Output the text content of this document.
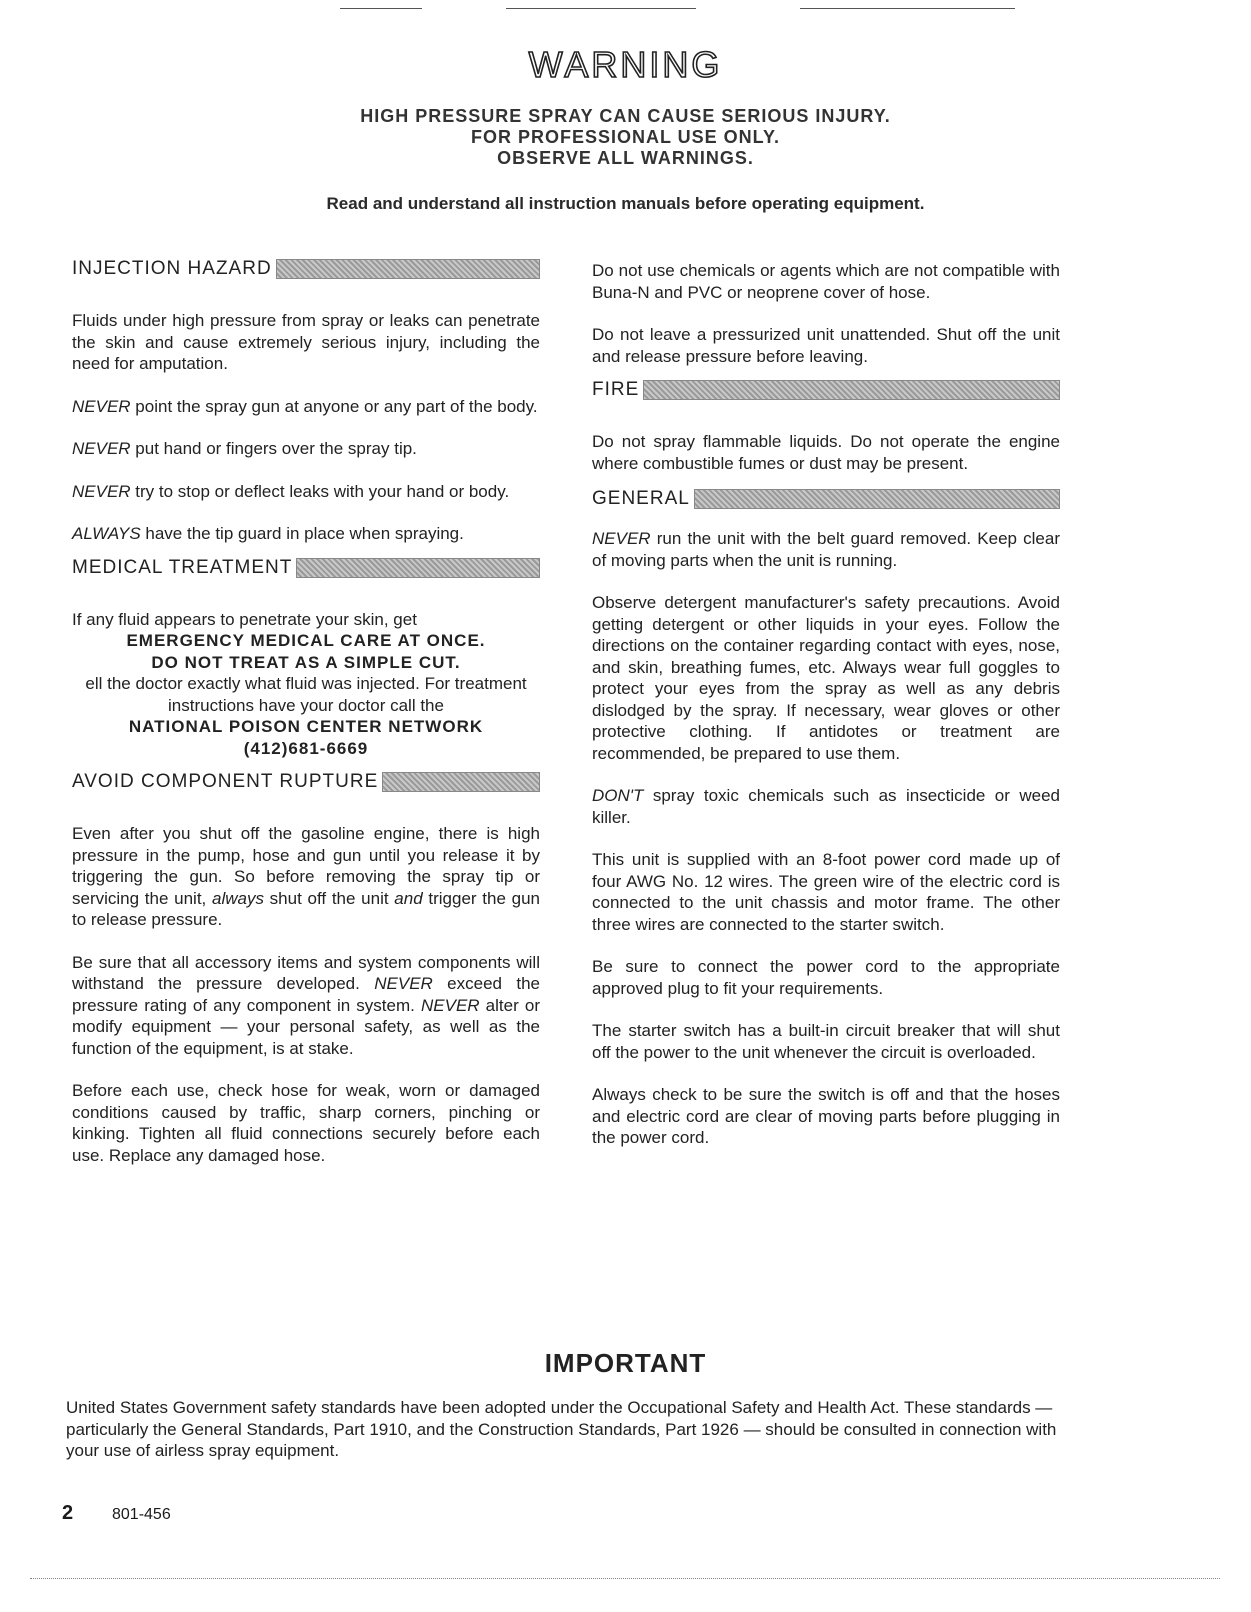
WARNING
HIGH PRESSURE SPRAY CAN CAUSE SERIOUS INJURY.
FOR PROFESSIONAL USE ONLY.
OBSERVE ALL WARNINGS.
Read and understand all instruction manuals before operating equipment.
INJECTION HAZARD

Fluids under high pressure from spray or leaks can penetrate the skin and cause extremely serious injury, including the need for amputation.

NEVER point the spray gun at anyone or any part of the body.

NEVER put hand or fingers over the spray tip.

NEVER try to stop or deflect leaks with your hand or body.

ALWAYS have the tip guard in place when spraying.

MEDICAL TREATMENT

If any fluid appears to penetrate your skin, get

EMERGENCY MEDICAL CARE AT ONCE.
DO NOT TREAT AS A SIMPLE CUT.

ell the doctor exactly what fluid was injected. For treatment instructions have your doctor call the

NATIONAL POISON CENTER NETWORK
(412)681-6669
AVOID COMPONENT RUPTURE

Even after you shut off the gasoline engine, there is high pressure in the pump, hose and gun until you release it by triggering the gun. So before removing the spray tip or servicing the unit, always shut off the unit and trigger the gun to release pressure.

Be sure that all accessory items and system components will withstand the pressure developed. NEVER exceed the pressure rating of any component in system. NEVER alter or modify equipment — your personal safety, as well as the function of the equipment, is at stake.

Before each use, check hose for weak, worn or damaged conditions caused by traffic, sharp corners, pinching or kinking. Tighten all fluid connections securely before each use. Replace any damaged hose.

Do not use chemicals or agents which are not compatible with Buna-N and PVC or neoprene cover of hose.

Do not leave a pressurized unit unattended. Shut off the unit and release pressure before leaving.

FIRE

Do not spray flammable liquids. Do not operate the engine where combustible fumes or dust may be present.

GENERAL

NEVER run the unit with the belt guard removed. Keep clear of moving parts when the unit is running.

Observe detergent manufacturer's safety precautions. Avoid getting detergent or other liquids in your eyes. Follow the directions on the container regarding contact with eyes, nose, and skin, breathing fumes, etc. Always wear full goggles to protect your eyes from the spray as well as any debris dislodged by the spray. If necessary, wear gloves or other protective clothing. If antidotes or treatment are recommended, be prepared to use them.

DON'T spray toxic chemicals such as insecticide or weed killer.

This unit is supplied with an 8-foot power cord made up of four AWG No. 12 wires. The green wire of the electric cord is connected to the unit chassis and motor frame. The other three wires are connected to the starter switch.

Be sure to connect the power cord to the appropriate approved plug to fit your requirements.

The starter switch has a built-in circuit breaker that will shut off the power to the unit whenever the circuit is overloaded.

Always check to be sure the switch is off and that the hoses and electric cord are clear of moving parts before plugging in the power cord.

IMPORTANT
United States Government safety standards have been adopted under the Occupational Safety and Health Act. These standards — particularly the General Standards, Part 1910, and the Construction Standards, Part 1926 — should be consulted in connection with your use of airless spray equipment.
2 801-456
